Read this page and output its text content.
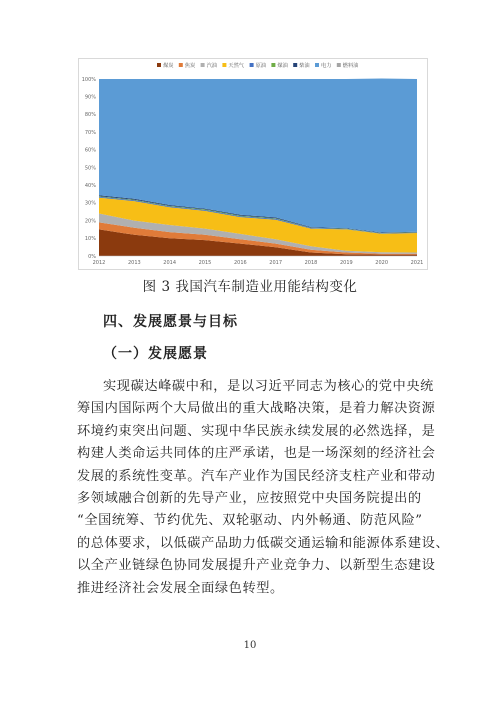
0%
10%
20%
30%
40%
50%
60%
70%
80%
90%
100%
2012	2013	2014	2015	2016	2017	2018	2019	2020	2021
煤炭 焦炭 汽油 天然气 原油 煤油 柴油 电力 燃料油
图 3 我国汽车制造业用能结构变化
四、发展愿景与目标
（一）发展愿景

实现碳达峰碳中和，是以习近平同志为核心的党中央统
筹国内国际两个大局做出的重大战略决策，是着力解决资源
环境约束突出问题、实现中华民族永续发展的必然选择，是
构建人类命运共同体的庄严承诺，也是一场深刻的经济社会
发展的系统性变革。汽车产业作为国民经济支柱产业和带动
多领域融合创新的先导产业，应按照党中央国务院提出的
“全国统筹、节约优先、双轮驱动、内外畅通、防范风险”
的总体要求，以低碳产品助力低碳交通运输和能源体系建设、
以全产业链绿色协同发展提升产业竞争力、以新型生态建设
推进经济社会发展全面绿色转型。

10
